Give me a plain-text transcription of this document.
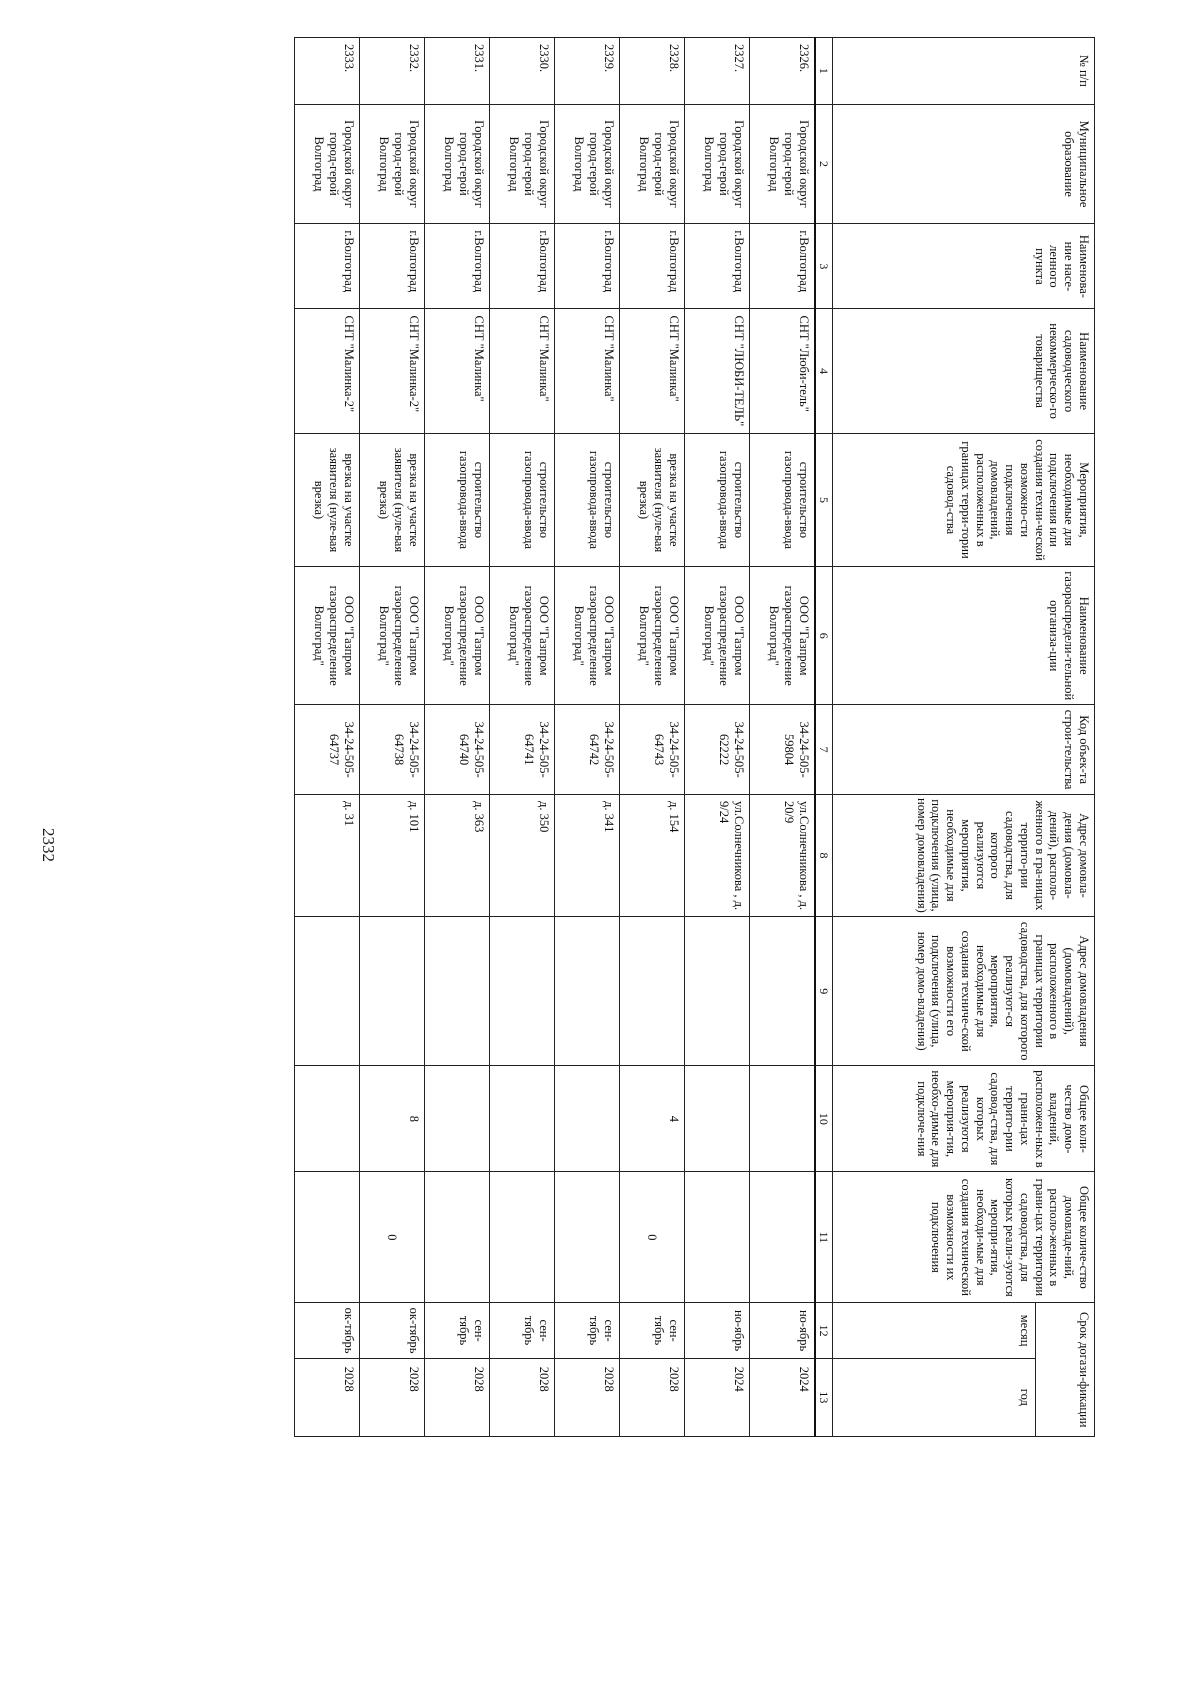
2332
№ п/п	Муниципальное образование	Наименова-ние насе-ленного пункта	Наименование садоводческого некоммерческо-го товарищества	Мероприятия, необходимые для подключения или создания техни-ческой возможно-сти подключения домовладений, расположенных в границах терри-тории садовод-ства	Наименование газораспредели-тельной организа-ции	Код объек-та строи-тельства	Адрес домовла-дения (домовла-дений), располо-женного в гра-ницах террито-рии садоводства, для которого реализуются мероприятия, необходимые для подключения (улица, номер домовладения)	Адрес домовладения (домовладений), расположенного в границах территории садоводства, для которого реализуют-ся мероприятия, необходимые для создания техниче-ской возможности его подключения (улица, номер домо-владения)	Общее коли-чество домо-владений, расположен-ных в грани-цах террито-рии садовод-ства, для которых реализуются мероприя-тия, необхо-димые для подключе-ния	Общее количе-ство домовладе-ний, располо-женных в грани-цах территории садоводства, для которых реали-зуются меропри-ятия, необходи-мые для создания технической возможности их подключения	Срок догази-фикации	
											месяц	год
1	2	3	4	5	6	7	8	9	10	11	12	13
2326.	Городской округ город-герой Волгоград	г.Волгоград	СНТ "Люби-тель"	строительство газопровода-ввода	ООО "Газпром газораспределение Волгоград"	34-24-505-59804	ул.Солнечникова , д. 20/9				но-ябрь	2024
2327.	Городской округ город-герой Волгоград	г.Волгоград	СНТ "ЛЮБИ-ТЕЛЬ"	строительство газопровода-ввода	ООО "Газпром газораспределение Волгоград"	34-24-505-62222	ул.Солнечникова , д. 9/24				но-ябрь	2024
2328.	Городской округ город-герой Волгоград	г.Волгоград	СНТ "Малинка"	врезка на участке заявителя (нуле-вая врезка)	ООО "Газпром газораспределение Волгоград"	34-24-505-64743	д. 154		4	0	сен-тябрь	2028
2329.	Городской округ город-герой Волгоград	г.Волгоград	СНТ "Малинка"	строительство газопровода-ввода	ООО "Газпром газораспределение Волгоград"	34-24-505-64742	д. 341				сен-тябрь	2028
2330.	Городской округ город-герой Волгоград	г.Волгоград	СНТ "Малинка"	строительство газопровода-ввода	ООО "Газпром газораспределение Волгоград"	34-24-505-64741	д. 350				сен-тябрь	2028
2331.	Городской округ город-герой Волгоград	г.Волгоград	СНТ "Малинка"	строительство газопровода-ввода	ООО "Газпром газораспределение Волгоград"	34-24-505-64740	д. 363				сен-тябрь	2028
2332.	Городской округ город-герой Волгоград	г.Волгоград	СНТ "Малинка-2"	врезка на участке заявителя (нуле-вая врезка)	ООО "Газпром газораспределение Волгоград"	34-24-505-64738	д. 101		8	0	ок-тябрь	2028
2333.	Городской округ город-герой Волгоград	г.Волгоград	СНТ "Малинка-2"	врезка на участке заявителя (нуле-вая врезка)	ООО "Газпром газораспределение Волгоград"	34-24-505-64737	д. 31				ок-тябрь	2028
